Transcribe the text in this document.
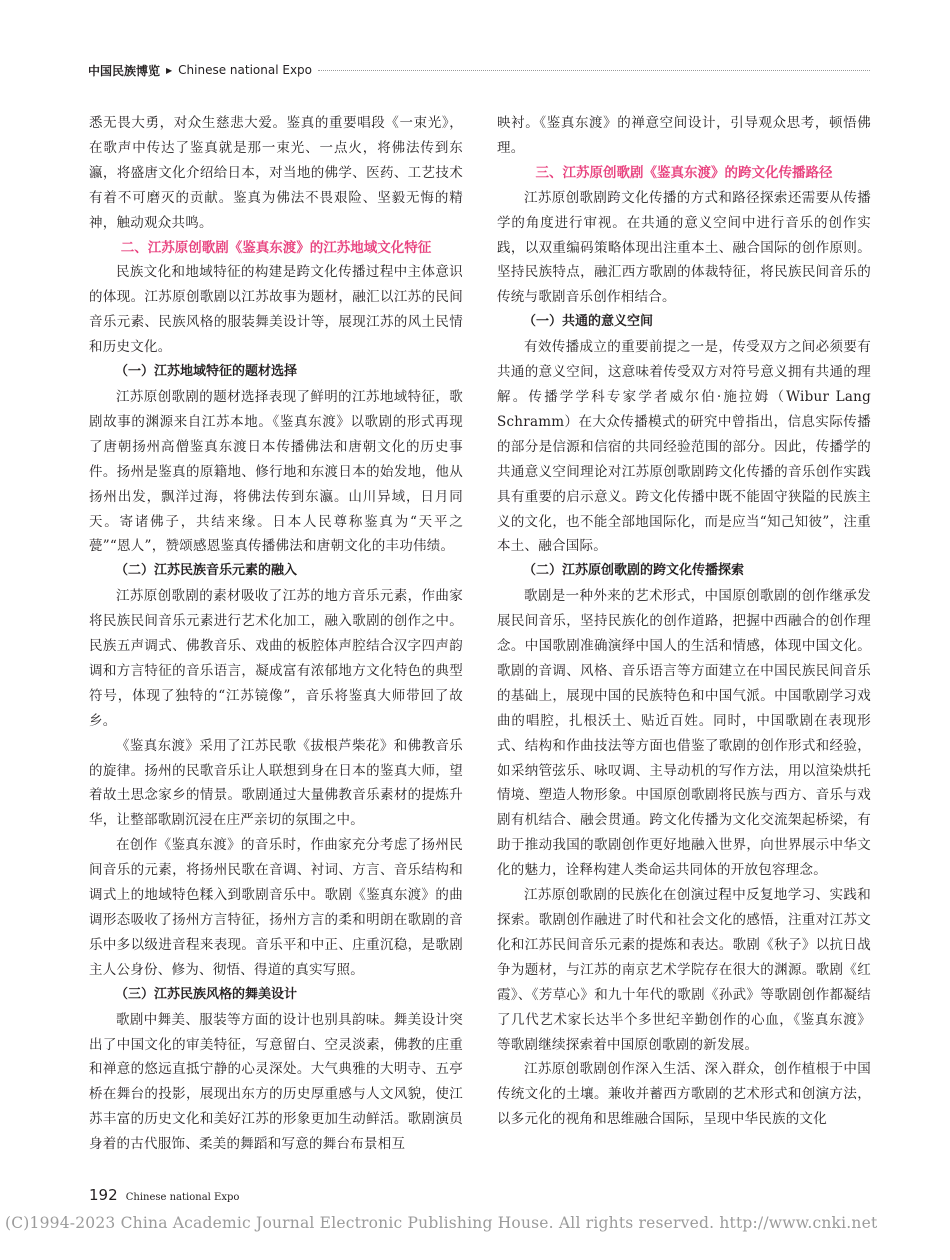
中国民族博览 ▶ Chinese national Expo

悉无畏大勇，对众生慈悲大爱。鉴真的重要唱段《一束光》，在歌声中传达了鉴真就是那一束光、一点火，将佛法传到东瀛，将盛唐文化介绍给日本，对当地的佛学、医药、工艺技术有着不可磨灭的贡献。鉴真为佛法不畏艰险、坚毅无悔的精神，触动观众共鸣。

二、江苏原创歌剧《鉴真东渡》的江苏地域文化特征

民族文化和地域特征的构建是跨文化传播过程中主体意识的体现。江苏原创歌剧以江苏故事为题材，融汇以江苏的民间音乐元素、民族风格的服装舞美设计等，展现江苏的风土民情和历史文化。

（一）江苏地域特征的题材选择

江苏原创歌剧的题材选择表现了鲜明的江苏地域特征，歌剧故事的渊源来自江苏本地。《鉴真东渡》以歌剧的形式再现了唐朝扬州高僧鉴真东渡日本传播佛法和唐朝文化的历史事件。扬州是鉴真的原籍地、修行地和东渡日本的始发地，他从扬州出发，飘洋过海，将佛法传到东瀛。山川异域，日月同天。寄诸佛子，共结来缘。日本人民尊称鉴真为“天平之甍”“恩人”，赞颂感恩鉴真传播佛法和唐朝文化的丰功伟绩。

（二）江苏民族音乐元素的融入

江苏原创歌剧的素材吸收了江苏的地方音乐元素，作曲家将民族民间音乐元素进行艺术化加工，融入歌剧的创作之中。民族五声调式、佛教音乐、戏曲的板腔体声腔结合汉字四声韵调和方言特征的音乐语言，凝成富有浓郁地方文化特色的典型符号，体现了独特的“江苏镜像”，音乐将鉴真大师带回了故乡。

《鉴真东渡》采用了江苏民歌《拔根芦柴花》和佛教音乐的旋律。扬州的民歌音乐让人联想到身在日本的鉴真大师，望着故土思念家乡的情景。歌剧通过大量佛教音乐素材的提炼升华，让整部歌剧沉浸在庄严亲切的氛围之中。

在创作《鉴真东渡》的音乐时，作曲家充分考虑了扬州民间音乐的元素，将扬州民歌在音调、衬词、方言、音乐结构和调式上的地域特色糅入到歌剧音乐中。歌剧《鉴真东渡》的曲调形态吸收了扬州方言特征，扬州方言的柔和明朗在歌剧的音乐中多以级进音程来表现。音乐平和中正、庄重沉稳，是歌剧主人公身份、修为、彻悟、得道的真实写照。

（三）江苏民族风格的舞美设计

歌剧中舞美、服装等方面的设计也别具韵味。舞美设计突出了中国文化的审美特征，写意留白、空灵淡素，佛教的庄重和禅意的悠远直抵宁静的心灵深处。大气典雅的大明寺、五亭桥在舞台的投影，展现出东方的历史厚重感与人文风貌，使江苏丰富的历史文化和美好江苏的形象更加生动鲜活。歌剧演员身着的古代服饰、柔美的舞蹈和写意的舞台布景相互

映衬。《鉴真东渡》的禅意空间设计，引导观众思考，顿悟佛理。

三、江苏原创歌剧《鉴真东渡》的跨文化传播路径

江苏原创歌剧跨文化传播的方式和路径探索还需要从传播学的角度进行审视。在共通的意义空间中进行音乐的创作实践，以双重编码策略体现出注重本土、融合国际的创作原则。坚持民族特点，融汇西方歌剧的体裁特征，将民族民间音乐的传统与歌剧音乐创作相结合。

（一）共通的意义空间

有效传播成立的重要前提之一是，传受双方之间必须要有共通的意义空间，这意味着传受双方对符号意义拥有共通的理解。传播学学科专家学者威尔伯·施拉姆（Wibur Lang Schramm）在大众传播模式的研究中曾指出，信息实际传播的部分是信源和信宿的共同经验范围的部分。因此，传播学的共通意义空间理论对江苏原创歌剧跨文化传播的音乐创作实践具有重要的启示意义。跨文化传播中既不能固守狭隘的民族主义的文化，也不能全部地国际化，而是应当“知己知彼”，注重本土、融合国际。

（二）江苏原创歌剧的跨文化传播探索

歌剧是一种外来的艺术形式，中国原创歌剧的创作继承发展民间音乐，坚持民族化的创作道路，把握中西融合的创作理念。中国歌剧准确演绎中国人的生活和情感，体现中国文化。歌剧的音调、风格、音乐语言等方面建立在中国民族民间音乐的基础上，展现中国的民族特色和中国气派。中国歌剧学习戏曲的唱腔，扎根沃土、贴近百姓。同时，中国歌剧在表现形式、结构和作曲技法等方面也借鉴了歌剧的创作形式和经验，如采纳管弦乐、咏叹调、主导动机的写作方法，用以渲染烘托情境、塑造人物形象。中国原创歌剧将民族与西方、音乐与戏剧有机结合、融会贯通。跨文化传播为文化交流架起桥梁，有助于推动我国的歌剧创作更好地融入世界，向世界展示中华文化的魅力，诠释构建人类命运共同体的开放包容理念。

江苏原创歌剧的民族化在创演过程中反复地学习、实践和探索。歌剧创作融进了时代和社会文化的感悟，注重对江苏文化和江苏民间音乐元素的提炼和表达。歌剧《秋子》以抗日战争为题材，与江苏的南京艺术学院存在很大的渊源。歌剧《红霞》、《芳草心》和九十年代的歌剧《孙武》等歌剧创作都凝结了几代艺术家长达半个多世纪辛勤创作的心血，《鉴真东渡》等歌剧继续探索着中国原创歌剧的新发展。

江苏原创歌剧创作深入生活、深入群众，创作植根于中国传统文化的土壤。兼收并蓄西方歌剧的艺术形式和创演方法，以多元化的视角和思维融合国际，呈现中华民族的文化

192 Chinese national Expo
(C)1994-2023 China Academic Journal Electronic Publishing House. All rights reserved. http://www.cnki.net
